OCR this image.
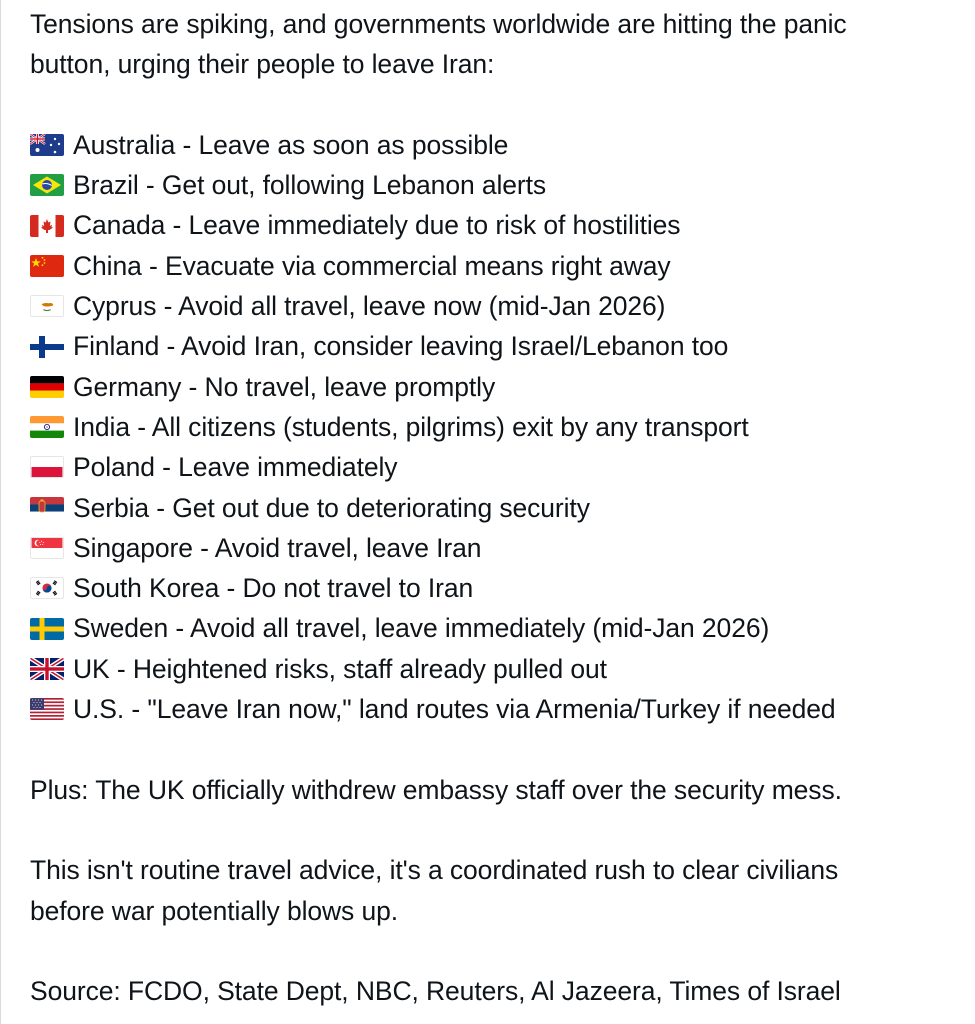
Tensions are spiking, and governments worldwide are hitting the panic

button, urging their people to leave Iran:

Australia - Leave as soon as possible
Brazil - Get out, following Lebanon alerts
Canada - Leave immediately due to risk of hostilities
China - Evacuate via commercial means right away
Cyprus - Avoid all travel, leave now (mid-Jan 2026)
Finland - Avoid Iran, consider leaving Israel/Lebanon too
Germany - No travel, leave promptly
India - All citizens (students, pilgrims) exit by any transport
Poland - Leave immediately
Serbia - Get out due to deteriorating security
Singapore - Avoid travel, leave Iran
South Korea - Do not travel to Iran
Sweden - Avoid all travel, leave immediately (mid-Jan 2026)
UK - Heightened risks, staff already pulled out
U.S. - "Leave Iran now," land routes via Armenia/Turkey if needed

Plus: The UK officially withdrew embassy staff over the security mess.

This isn't routine travel advice, it's a coordinated rush to clear civilians

before war potentially blows up.

Source: FCDO, State Dept, NBC, Reuters, Al Jazeera, Times of Israel
